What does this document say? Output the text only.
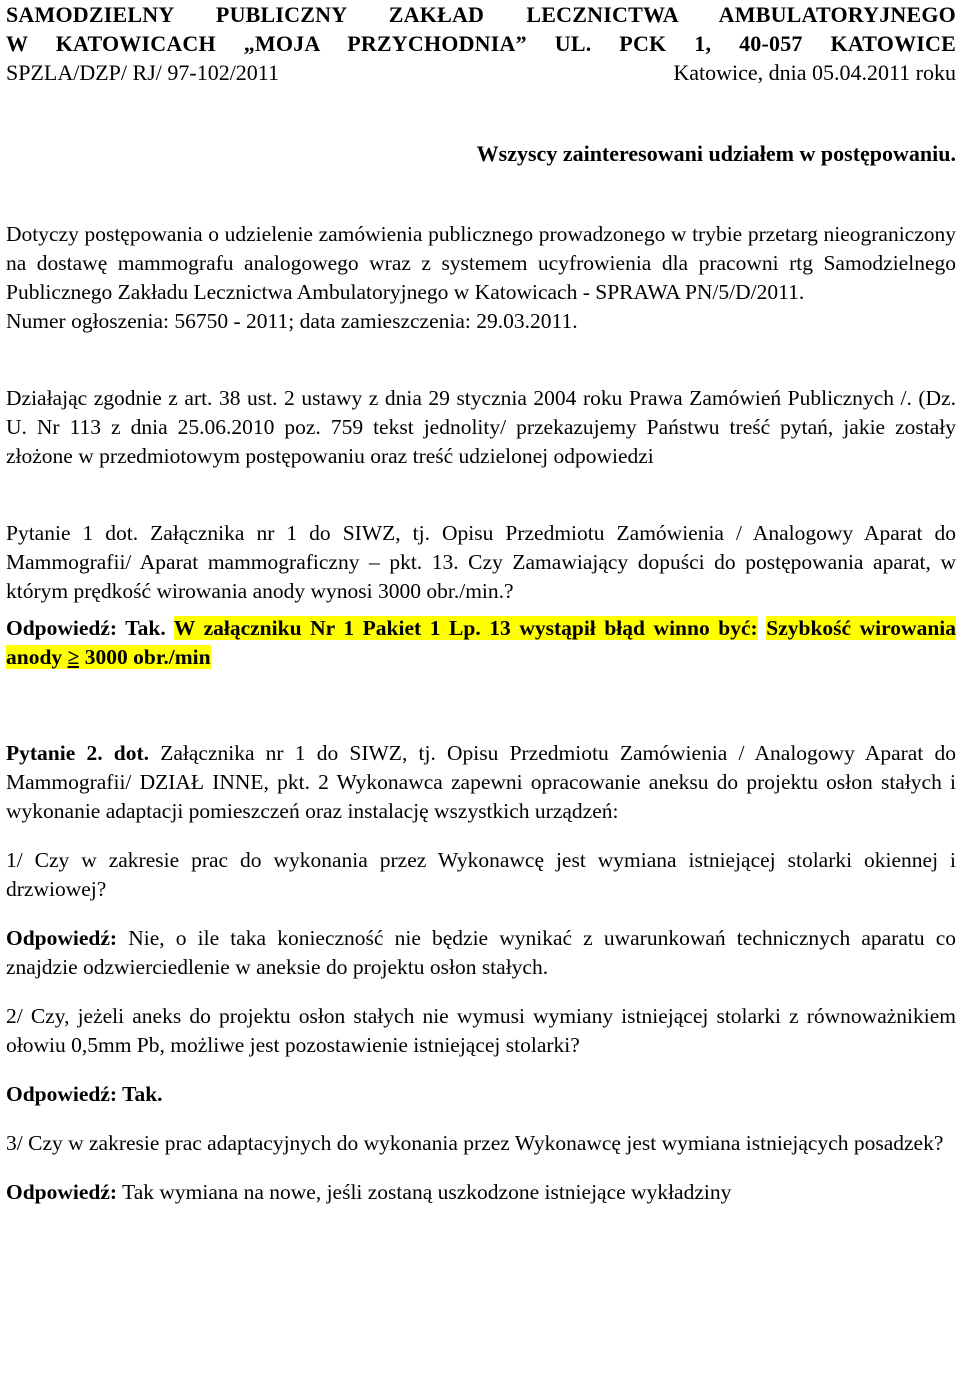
SAMODZIELNY PUBLICZNY ZAKŁAD LECZNICTWA AMBULATORYJNEGO
W KATOWICACH „MOJA PRZYCHODNIA” UL. PCK 1, 40-057 KATOWICE
SPZLA/DZP/ RJ/ 97-102/2011	Katowice, dnia 05.04.2011 roku
Wszyscy zainteresowani udziałem w postępowaniu.

Dotyczy postępowania o udzielenie zamówienia publicznego prowadzonego w trybie przetarg nieograniczony na dostawę mammografu analogowego wraz z systemem ucyfrowienia dla pracowni rtg Samodzielnego Publicznego Zakładu Lecznictwa Ambulatoryjnego w Katowicach - SPRAWA PN/5/D/2011.

Numer ogłoszenia: 56750 - 2011; data zamieszczenia: 29.03.2011.

Działając zgodnie z art. 38 ust. 2 ustawy z dnia 29 stycznia 2004 roku Prawa Zamówień Publicznych /. (Dz. U. Nr 113 z dnia 25.06.2010 poz. 759 tekst jednolity/ przekazujemy Państwu treść pytań, jakie zostały złożone w przedmiotowym postępowaniu oraz treść udzielonej odpowiedzi

Pytanie 1 dot. Załącznika nr 1 do SIWZ, tj. Opisu Przedmiotu Zamówienia / Analogowy Aparat do Mammografii/ Aparat mammograficzny – pkt. 13. Czy Zamawiający dopuści do postępowania aparat, w którym prędkość wirowania anody wynosi 3000 obr./min.?

Odpowiedź: Tak. W załączniku Nr 1 Pakiet 1 Lp. 13 wystąpił błąd winno być: Szybkość wirowania anody ≥ 3000 obr./min

Pytanie 2. dot. Załącznika nr 1 do SIWZ, tj. Opisu Przedmiotu Zamówienia / Analogowy Aparat do Mammografii/ DZIAŁ INNE, pkt. 2 Wykonawca zapewni opracowanie aneksu do projektu osłon stałych i wykonanie adaptacji pomieszczeń oraz instalację wszystkich urządzeń:

1/ Czy w zakresie prac do wykonania przez Wykonawcę jest wymiana istniejącej stolarki okiennej i drzwiowej?

Odpowiedź: Nie, o ile taka konieczność nie będzie wynikać z uwarunkowań technicznych aparatu co znajdzie odzwierciedlenie w aneksie do projektu osłon stałych.

2/ Czy, jeżeli aneks do projektu osłon stałych nie wymusi wymiany istniejącej stolarki z równoważnikiem ołowiu 0,5mm Pb, możliwe jest pozostawienie istniejącej stolarki?

Odpowiedź: Tak.

3/ Czy w zakresie prac adaptacyjnych do wykonania przez Wykonawcę jest wymiana istniejących posadzek?

Odpowiedź: Tak wymiana na nowe, jeśli zostaną uszkodzone istniejące wykładziny
